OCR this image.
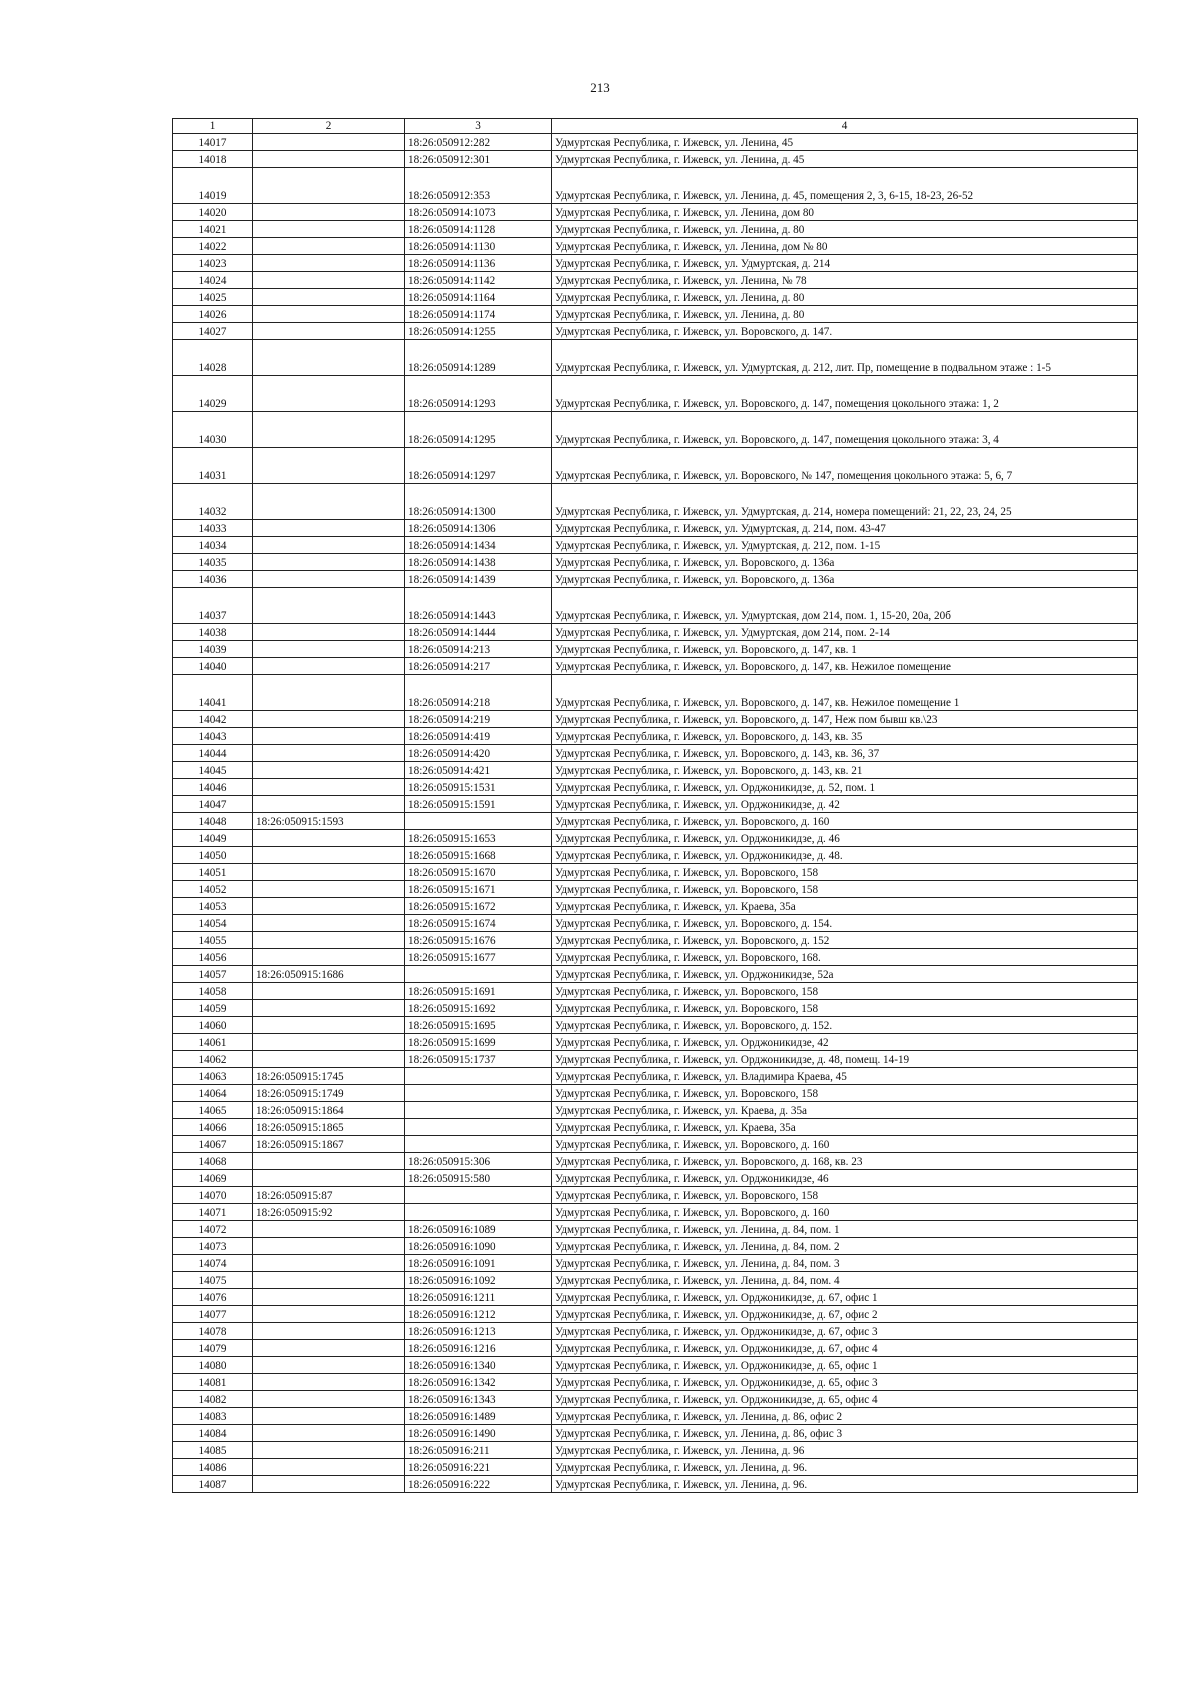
213
1	2	3	4
14017		18:26:050912:282	Удмуртская Республика, г. Ижевск, ул. Ленина, 45
14018		18:26:050912:301	Удмуртская Республика, г. Ижевск, ул. Ленина, д. 45
14019		18:26:050912:353	Удмуртская Республика, г. Ижевск, ул. Ленина, д. 45, помещения 2, 3, 6-15, 18-23, 26-52
14020		18:26:050914:1073	Удмуртская Республика, г. Ижевск, ул. Ленина, дом 80
14021		18:26:050914:1128	Удмуртская Республика, г. Ижевск, ул. Ленина, д. 80
14022		18:26:050914:1130	Удмуртская Республика, г. Ижевск, ул. Ленина, дом № 80
14023		18:26:050914:1136	Удмуртская Республика, г. Ижевск, ул. Удмуртская, д. 214
14024		18:26:050914:1142	Удмуртская Республика, г. Ижевск, ул. Ленина, № 78
14025		18:26:050914:1164	Удмуртская Республика, г. Ижевск, ул. Ленина, д. 80
14026		18:26:050914:1174	Удмуртская Республика, г. Ижевск, ул. Ленина, д. 80
14027		18:26:050914:1255	Удмуртская Республика, г. Ижевск, ул. Воровского, д. 147.
14028		18:26:050914:1289	Удмуртская Республика, г. Ижевск, ул. Удмуртская, д. 212, лит. Пр, помещение в подвальном этаже : 1-5
14029		18:26:050914:1293	Удмуртская Республика, г. Ижевск, ул. Воровского, д. 147, помещения цокольного этажа: 1, 2
14030		18:26:050914:1295	Удмуртская Республика, г. Ижевск, ул. Воровского, д. 147, помещения цокольного этажа: 3, 4
14031		18:26:050914:1297	Удмуртская Республика, г. Ижевск, ул. Воровского, № 147, помещения цокольного этажа: 5, 6, 7
14032		18:26:050914:1300	Удмуртская Республика, г. Ижевск, ул. Удмуртская, д. 214, номера помещений: 21, 22, 23, 24, 25
14033		18:26:050914:1306	Удмуртская Республика, г. Ижевск, ул. Удмуртская, д. 214, пом. 43-47
14034		18:26:050914:1434	Удмуртская Республика, г. Ижевск, ул. Удмуртская, д. 212, пом. 1-15
14035		18:26:050914:1438	Удмуртская Республика, г. Ижевск, ул. Воровского, д. 136а
14036		18:26:050914:1439	Удмуртская Республика, г. Ижевск, ул. Воровского, д. 136а
14037		18:26:050914:1443	Удмуртская Республика, г. Ижевск, ул. Удмуртская, дом 214, пом. 1, 15-20, 20а, 20б
14038		18:26:050914:1444	Удмуртская Республика, г. Ижевск, ул. Удмуртская, дом 214, пом. 2-14
14039		18:26:050914:213	Удмуртская Республика, г. Ижевск, ул. Воровского, д. 147, кв. 1
14040		18:26:050914:217	Удмуртская Республика, г. Ижевск, ул. Воровского, д. 147, кв. Нежилое помещение
14041		18:26:050914:218	Удмуртская Республика, г. Ижевск, ул. Воровского, д. 147, кв. Нежилое помещение 1
14042		18:26:050914:219	Удмуртская Республика, г. Ижевск, ул. Воровского, д. 147, Неж пом бывш кв.\23
14043		18:26:050914:419	Удмуртская Республика, г. Ижевск, ул. Воровского, д. 143, кв. 35
14044		18:26:050914:420	Удмуртская Республика, г. Ижевск, ул. Воровского, д. 143, кв. 36, 37
14045		18:26:050914:421	Удмуртская Республика, г. Ижевск, ул. Воровского, д. 143, кв. 21
14046		18:26:050915:1531	Удмуртская Республика, г. Ижевск, ул. Орджоникидзе, д. 52, пом. 1
14047		18:26:050915:1591	Удмуртская Республика, г. Ижевск, ул. Орджоникидзе, д. 42
14048	18:26:050915:1593		Удмуртская Республика, г. Ижевск, ул. Воровского, д. 160
14049		18:26:050915:1653	Удмуртская Республика, г. Ижевск, ул. Орджоникидзе, д. 46
14050		18:26:050915:1668	Удмуртская Республика, г. Ижевск, ул. Орджоникидзе, д. 48.
14051		18:26:050915:1670	Удмуртская Республика, г. Ижевск, ул. Воровского, 158
14052		18:26:050915:1671	Удмуртская Республика, г. Ижевск, ул. Воровского, 158
14053		18:26:050915:1672	Удмуртская Республика, г. Ижевск, ул. Краева, 35а
14054		18:26:050915:1674	Удмуртская Республика, г. Ижевск, ул. Воровского, д. 154.
14055		18:26:050915:1676	Удмуртская Республика, г. Ижевск, ул. Воровского, д. 152
14056		18:26:050915:1677	Удмуртская Республика, г. Ижевск, ул. Воровского, 168.
14057	18:26:050915:1686		Удмуртская Республика, г. Ижевск, ул. Орджоникидзе, 52а
14058		18:26:050915:1691	Удмуртская Республика, г. Ижевск, ул. Воровского, 158
14059		18:26:050915:1692	Удмуртская Республика, г. Ижевск, ул. Воровского, 158
14060		18:26:050915:1695	Удмуртская Республика, г. Ижевск, ул. Воровского, д. 152.
14061		18:26:050915:1699	Удмуртская Республика, г. Ижевск, ул. Орджоникидзе, 42
14062		18:26:050915:1737	Удмуртская Республика, г. Ижевск, ул. Орджоникидзе, д. 48, помещ. 14-19
14063	18:26:050915:1745		Удмуртская Республика, г. Ижевск, ул. Владимира Краева, 45
14064	18:26:050915:1749		Удмуртская Республика, г. Ижевск, ул. Воровского, 158
14065	18:26:050915:1864		Удмуртская Республика, г. Ижевск, ул. Краева, д. 35а
14066	18:26:050915:1865		Удмуртская Республика, г. Ижевск, ул. Краева, 35а
14067	18:26:050915:1867		Удмуртская Республика, г. Ижевск, ул. Воровского, д. 160
14068		18:26:050915:306	Удмуртская Республика, г. Ижевск, ул. Воровского, д. 168, кв. 23
14069		18:26:050915:580	Удмуртская Республика, г. Ижевск, ул. Орджоникидзе, 46
14070	18:26:050915:87		Удмуртская Республика, г. Ижевск, ул. Воровского, 158
14071	18:26:050915:92		Удмуртская Республика, г. Ижевск, ул. Воровского, д. 160
14072		18:26:050916:1089	Удмуртская Республика, г. Ижевск, ул. Ленина, д. 84, пом. 1
14073		18:26:050916:1090	Удмуртская Республика, г. Ижевск, ул. Ленина, д. 84, пом. 2
14074		18:26:050916:1091	Удмуртская Республика, г. Ижевск, ул. Ленина, д. 84, пом. 3
14075		18:26:050916:1092	Удмуртская Республика, г. Ижевск, ул. Ленина, д. 84, пом. 4
14076		18:26:050916:1211	Удмуртская Республика, г. Ижевск, ул. Орджоникидзе, д. 67, офис 1
14077		18:26:050916:1212	Удмуртская Республика, г. Ижевск, ул. Орджоникидзе, д. 67, офис 2
14078		18:26:050916:1213	Удмуртская Республика, г. Ижевск, ул. Орджоникидзе, д. 67, офис 3
14079		18:26:050916:1216	Удмуртская Республика, г. Ижевск, ул. Орджоникидзе, д. 67, офис 4
14080		18:26:050916:1340	Удмуртская Республика, г. Ижевск, ул. Орджоникидзе, д. 65, офис 1
14081		18:26:050916:1342	Удмуртская Республика, г. Ижевск, ул. Орджоникидзе, д. 65, офис 3
14082		18:26:050916:1343	Удмуртская Республика, г. Ижевск, ул. Орджоникидзе, д. 65, офис 4
14083		18:26:050916:1489	Удмуртская Республика, г. Ижевск, ул. Ленина, д. 86, офис 2
14084		18:26:050916:1490	Удмуртская Республика, г. Ижевск, ул. Ленина, д. 86, офис 3
14085		18:26:050916:211	Удмуртская Республика, г. Ижевск, ул. Ленина, д. 96
14086		18:26:050916:221	Удмуртская Республика, г. Ижевск, ул. Ленина, д. 96.
14087		18:26:050916:222	Удмуртская Республика, г. Ижевск, ул. Ленина, д. 96.
